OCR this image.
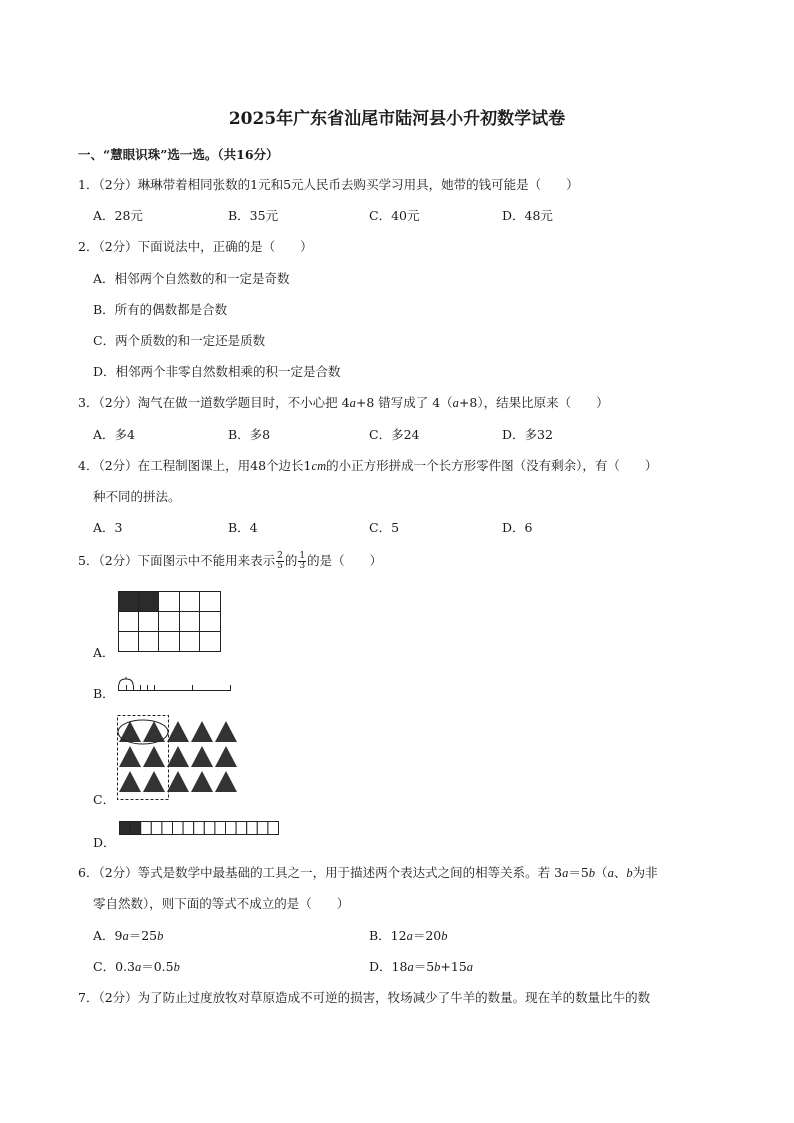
2025年广东省汕尾市陆河县小升初数学试卷
一、“慧眼识珠”选一选。（共16分）
1．（2分）琳琳带着相同张数的1元和5元人民币去购买学习用具，她带的钱可能是（　　）
A．28元	B．35元	C．40元	D．48元
2．（2分）下面说法中，正确的是（　　）
A．相邻两个自然数的和一定是奇数
B．所有的偶数都是合数
C．两个质数的和一定还是质数
D．相邻两个非零自然数相乘的积一定是合数
3．（2分）淘气在做一道数学题目时，不小心把 4a+8 错写成了 4（a+8），结果比原来（　　）
A．多4	B．多8	C．多24	D．多32
4．（2分）在工程制图课上，用48个边长1cm的小正方形拼成一个长方形零件图（没有剩余），有（　　）
种不同的拼法。
A．3	B．4	C．5	D．6
5．（2分）下面图示中不能用来表示 $\frac{2}{5}$ 的 $\frac{1}{3}$ 的是（　　）
A．
B．
C．
D．
6．（2分）等式是数学中最基础的工具之一，用于描述两个表达式之间的相等关系。若 3a＝5b（a、b为非
零自然数），则下面的等式不成立的是（　　）
A．9a＝25b	B．12a＝20b
C．0.3a＝0.5b	D．18a＝5b+15a
7．（2分）为了防止过度放牧对草原造成不可逆的损害，牧场减少了牛羊的数量。现在羊的数量比牛的数
